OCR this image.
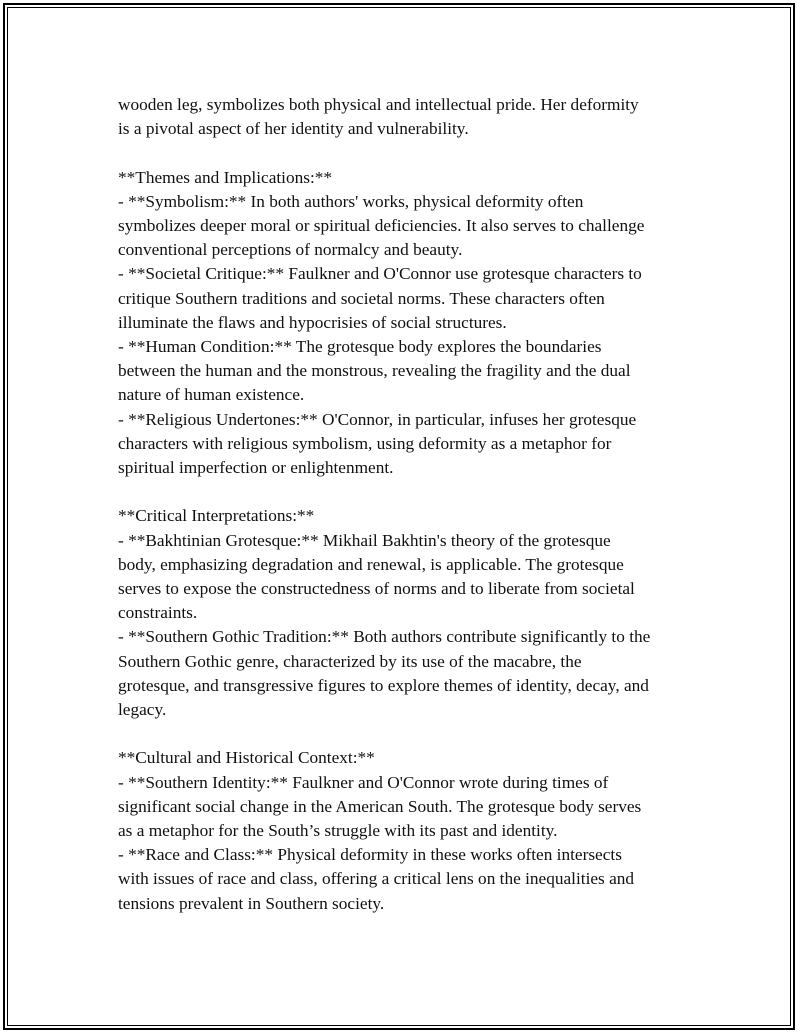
wooden leg, symbolizes both physical and intellectual pride. Her deformity
is a pivotal aspect of her identity and vulnerability.

**Themes and Implications:**

- **Symbolism:** In both authors' works, physical deformity often
symbolizes deeper moral or spiritual deficiencies. It also serves to challenge
conventional perceptions of normalcy and beauty.

- **Societal Critique:** Faulkner and O'Connor use grotesque characters to
critique Southern traditions and societal norms. These characters often
illuminate the flaws and hypocrisies of social structures.

- **Human Condition:** The grotesque body explores the boundaries
between the human and the monstrous, revealing the fragility and the dual
nature of human existence.

- **Religious Undertones:** O'Connor, in particular, infuses her grotesque
characters with religious symbolism, using deformity as a metaphor for
spiritual imperfection or enlightenment.

**Critical Interpretations:**

- **Bakhtinian Grotesque:** Mikhail Bakhtin's theory of the grotesque
body, emphasizing degradation and renewal, is applicable. The grotesque
serves to expose the constructedness of norms and to liberate from societal
constraints.

- **Southern Gothic Tradition:** Both authors contribute significantly to the
Southern Gothic genre, characterized by its use of the macabre, the
grotesque, and transgressive figures to explore themes of identity, decay, and
legacy.

**Cultural and Historical Context:**

- **Southern Identity:** Faulkner and O'Connor wrote during times of
significant social change in the American South. The grotesque body serves
as a metaphor for the South’s struggle with its past and identity.

- **Race and Class:** Physical deformity in these works often intersects
with issues of race and class, offering a critical lens on the inequalities and
tensions prevalent in Southern society.
